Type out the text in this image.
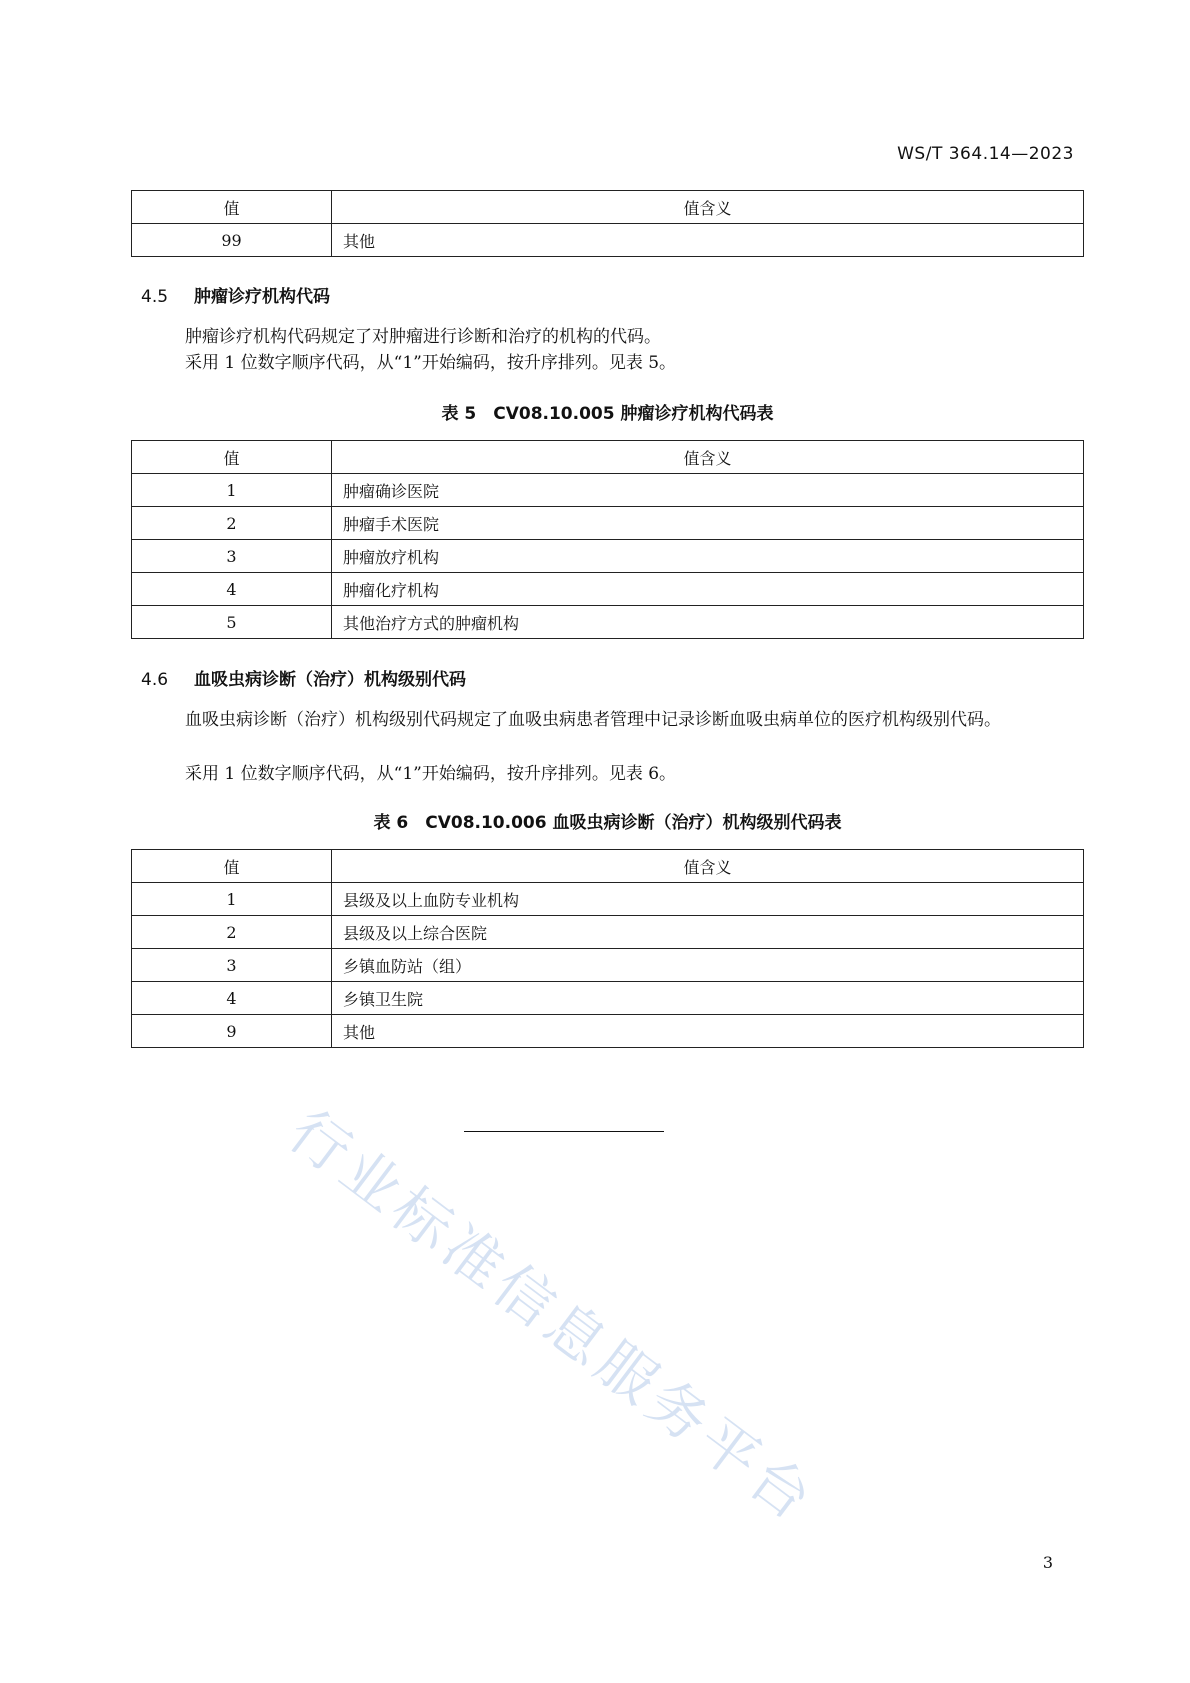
WS/T 364.14—2023
值	值含义
99	其他
4.5 肿瘤诊疗机构代码
肿瘤诊疗机构代码规定了对肿瘤进行诊断和治疗的机构的代码。
采用 1 位数字顺序代码，从“1”开始编码，按升序排列。见表 5。
表 5　CV08.10.005 肿瘤诊疗机构代码表
值	值含义
1	肿瘤确诊医院
2	肿瘤手术医院
3	肿瘤放疗机构
4	肿瘤化疗机构
5	其他治疗方式的肿瘤机构
4.6 血吸虫病诊断（治疗）机构级别代码
血吸虫病诊断（治疗）机构级别代码规定了血吸虫病患者管理中记录诊断血吸虫病单位的医疗机构级别代码。
采用 1 位数字顺序代码，从“1”开始编码，按升序排列。见表 6。
表 6　CV08.10.006 血吸虫病诊断（治疗）机构级别代码表
值	值含义
1	县级及以上血防专业机构
2	县级及以上综合医院
3	乡镇血防站（组）
4	乡镇卫生院
9	其他
行业标准信息服务平台
3
